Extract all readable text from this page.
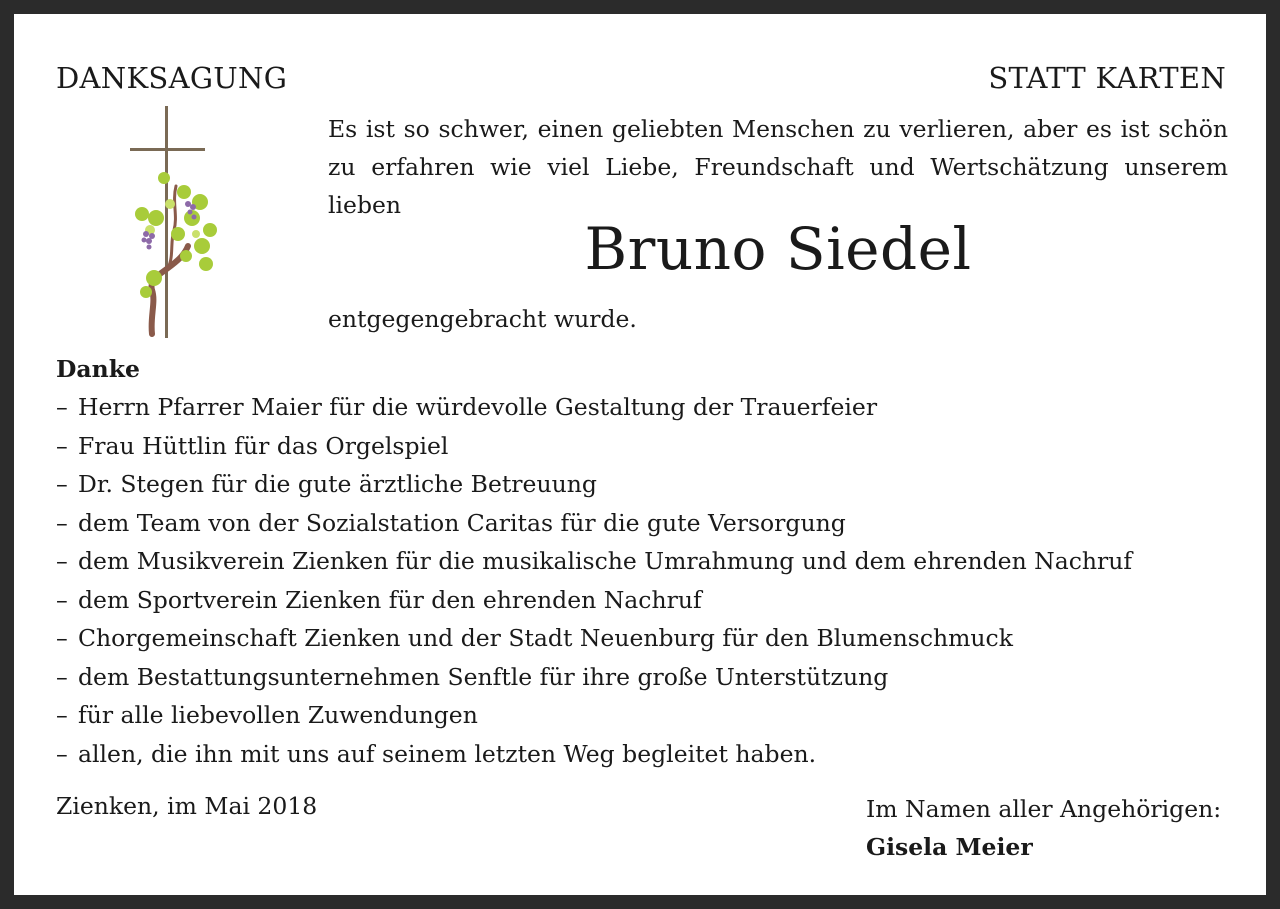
DANKSAGUNG	STATT KARTEN
Es ist so schwer, einen geliebten Menschen zu verlieren, aber es ist schön
zu erfahren wie viel Liebe, Freundschaft und Wertschätzung unserem lieben
Bruno Siedel
entgegengebracht wurde.
Danke
– Herrn Pfarrer Maier für die würdevolle Gestaltung der Trauerfeier
– Frau Hüttlin für das Orgelspiel
– Dr. Stegen für die gute ärztliche Betreuung
– dem Team von der Sozialstation Caritas für die gute Versorgung
– dem Musikverein Zienken für die musikalische Umrahmung und dem ehrenden Nachruf
– dem Sportverein Zienken für den ehrenden Nachruf
– Chorgemeinschaft Zienken und der Stadt Neuenburg für den Blumenschmuck
– dem Bestattungsunternehmen Senftle für ihre große Unterstützung
– für alle liebevollen Zuwendungen
– allen, die ihn mit uns auf seinem letzten Weg begleitet haben.
Zienken, im Mai 2018	Im Namen aller Angehörigen:
Gisela Meier
